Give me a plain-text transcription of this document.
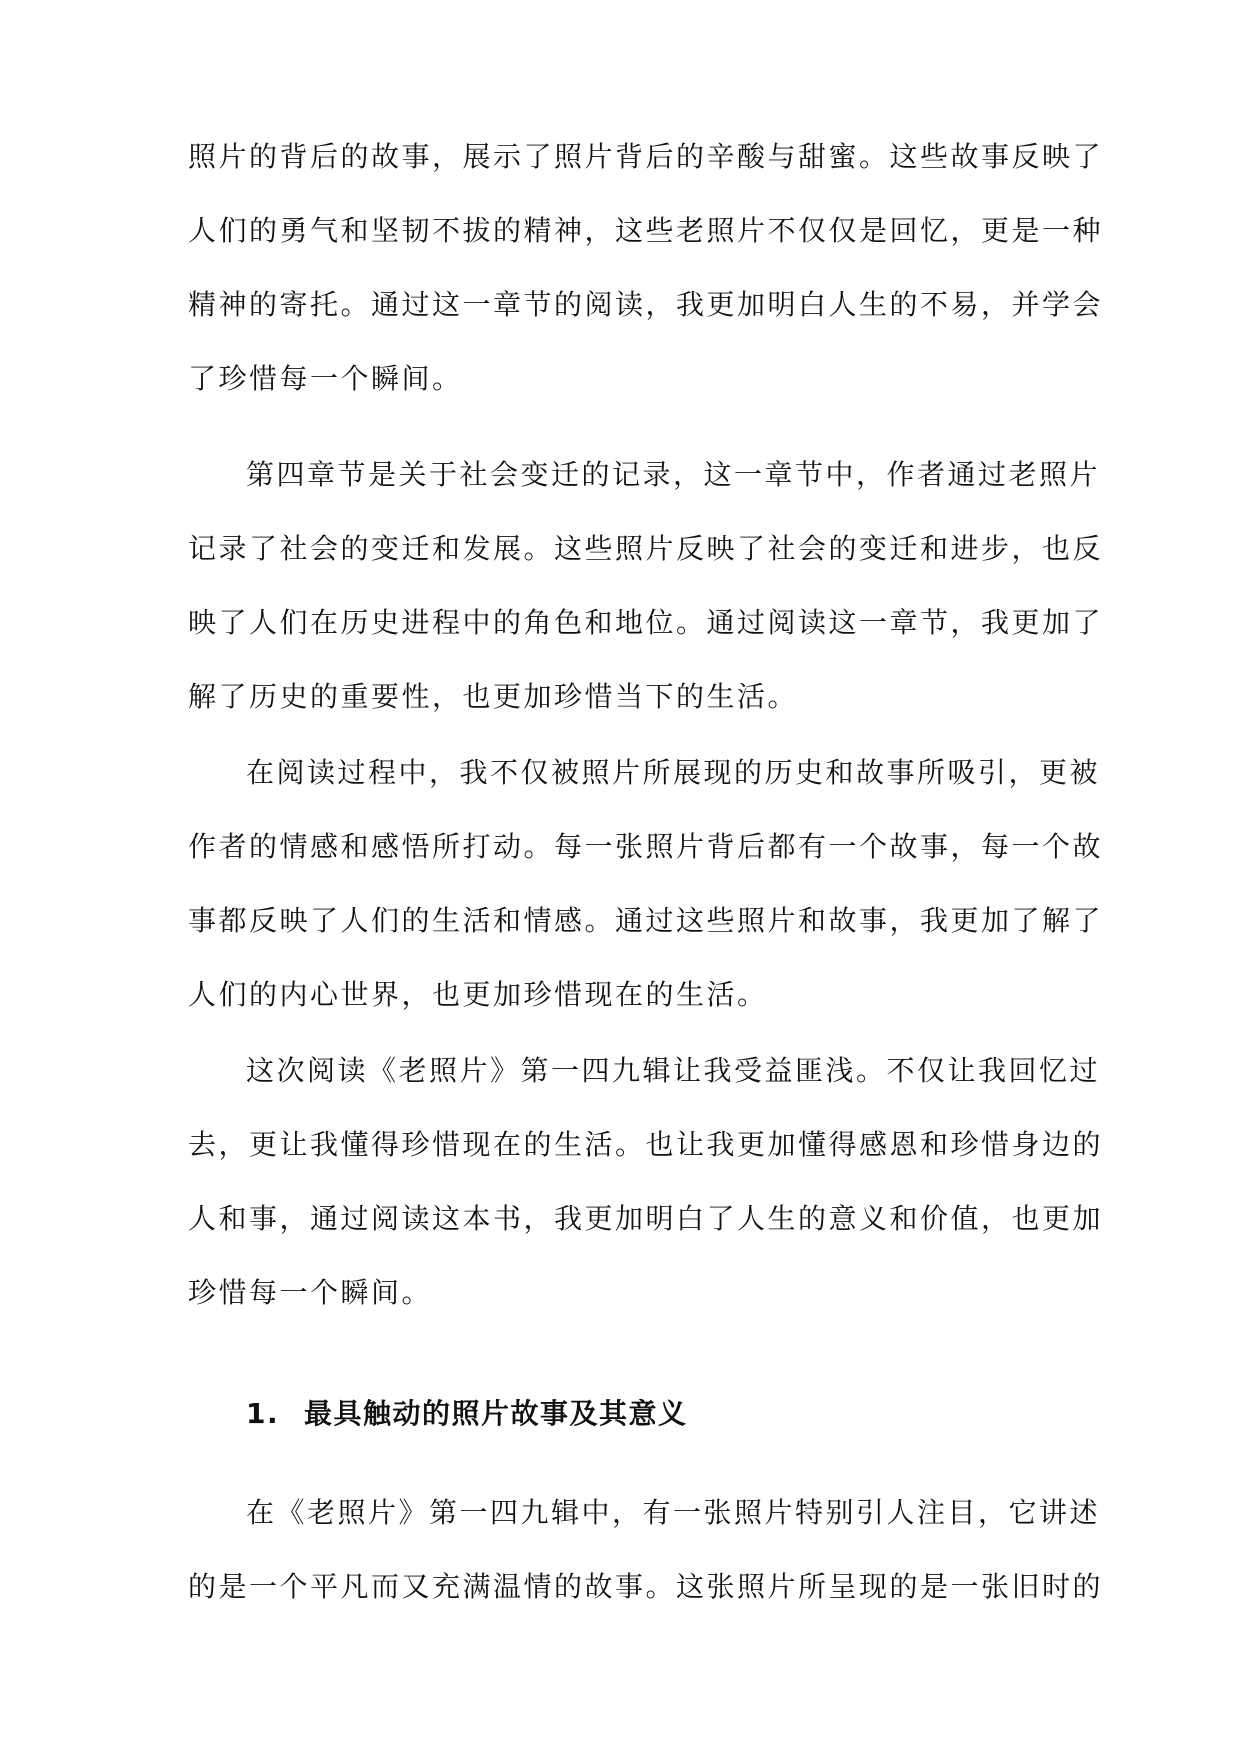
照片的背后的故事，展示了照片背后的辛酸与甜蜜。这些故事反映了
人们的勇气和坚韧不拔的精神，这些老照片不仅仅是回忆，更是一种
精神的寄托。通过这一章节的阅读，我更加明白人生的不易，并学会
了珍惜每一个瞬间。
第四章节是关于社会变迁的记录，这一章节中，作者通过老照片
记录了社会的变迁和发展。这些照片反映了社会的变迁和进步，也反
映了人们在历史进程中的角色和地位。通过阅读这一章节，我更加了
解了历史的重要性，也更加珍惜当下的生活。
在阅读过程中，我不仅被照片所展现的历史和故事所吸引，更被
作者的情感和感悟所打动。每一张照片背后都有一个故事，每一个故
事都反映了人们的生活和情感。通过这些照片和故事，我更加了解了
人们的内心世界，也更加珍惜现在的生活。
这次阅读《老照片》第一四九辑让我受益匪浅。不仅让我回忆过
去，更让我懂得珍惜现在的生活。也让我更加懂得感恩和珍惜身边的
人和事，通过阅读这本书，我更加明白了人生的意义和价值，也更加
珍惜每一个瞬间。
1. 最具触动的照片故事及其意义
在《老照片》第一四九辑中，有一张照片特别引人注目，它讲述
的是一个平凡而又充满温情的故事。这张照片所呈现的是一张旧时的
